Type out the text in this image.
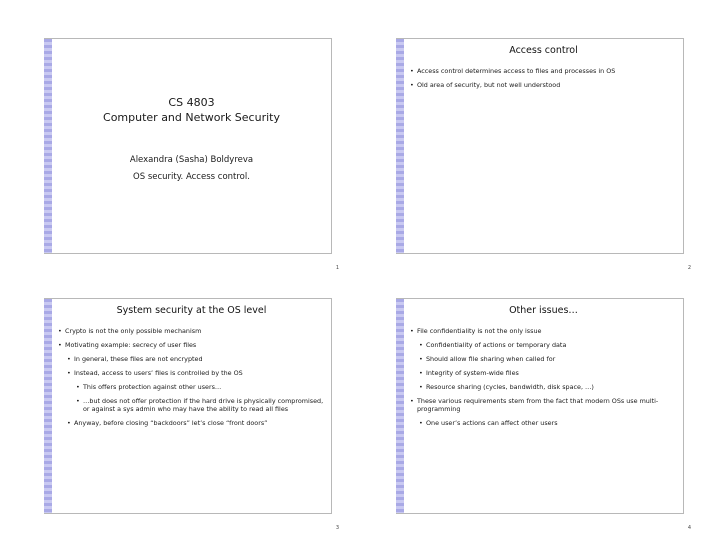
CS 4803
Computer and Network Security
Alexandra (Sasha) Boldyreva
OS security. Access control.
1
Access control
• Access control determines access to files and processes in OS
• Old area of security, but not well understood
2
System security at the OS level
• Crypto is not the only possible mechanism
• Motivating example: secrecy of user files
• In general, these files are not encrypted
• Instead, access to users’ files is controlled by the OS
• This offers protection against other users…
• …but does not offer protection if the hard drive is physically compromised, or against a sys admin who may have the ability to read all files
• Anyway, before closing “backdoors” let’s close “front doors”
3
Other issues…
• File confidentiality is not the only issue
• Confidentiality of actions or temporary data
• Should allow file sharing when called for
• Integrity of system-wide files
• Resource sharing (cycles, bandwidth, disk space, …)
• These various requirements stem from the fact that modern OSs use multi-programming
• One user’s actions can affect other users
4
